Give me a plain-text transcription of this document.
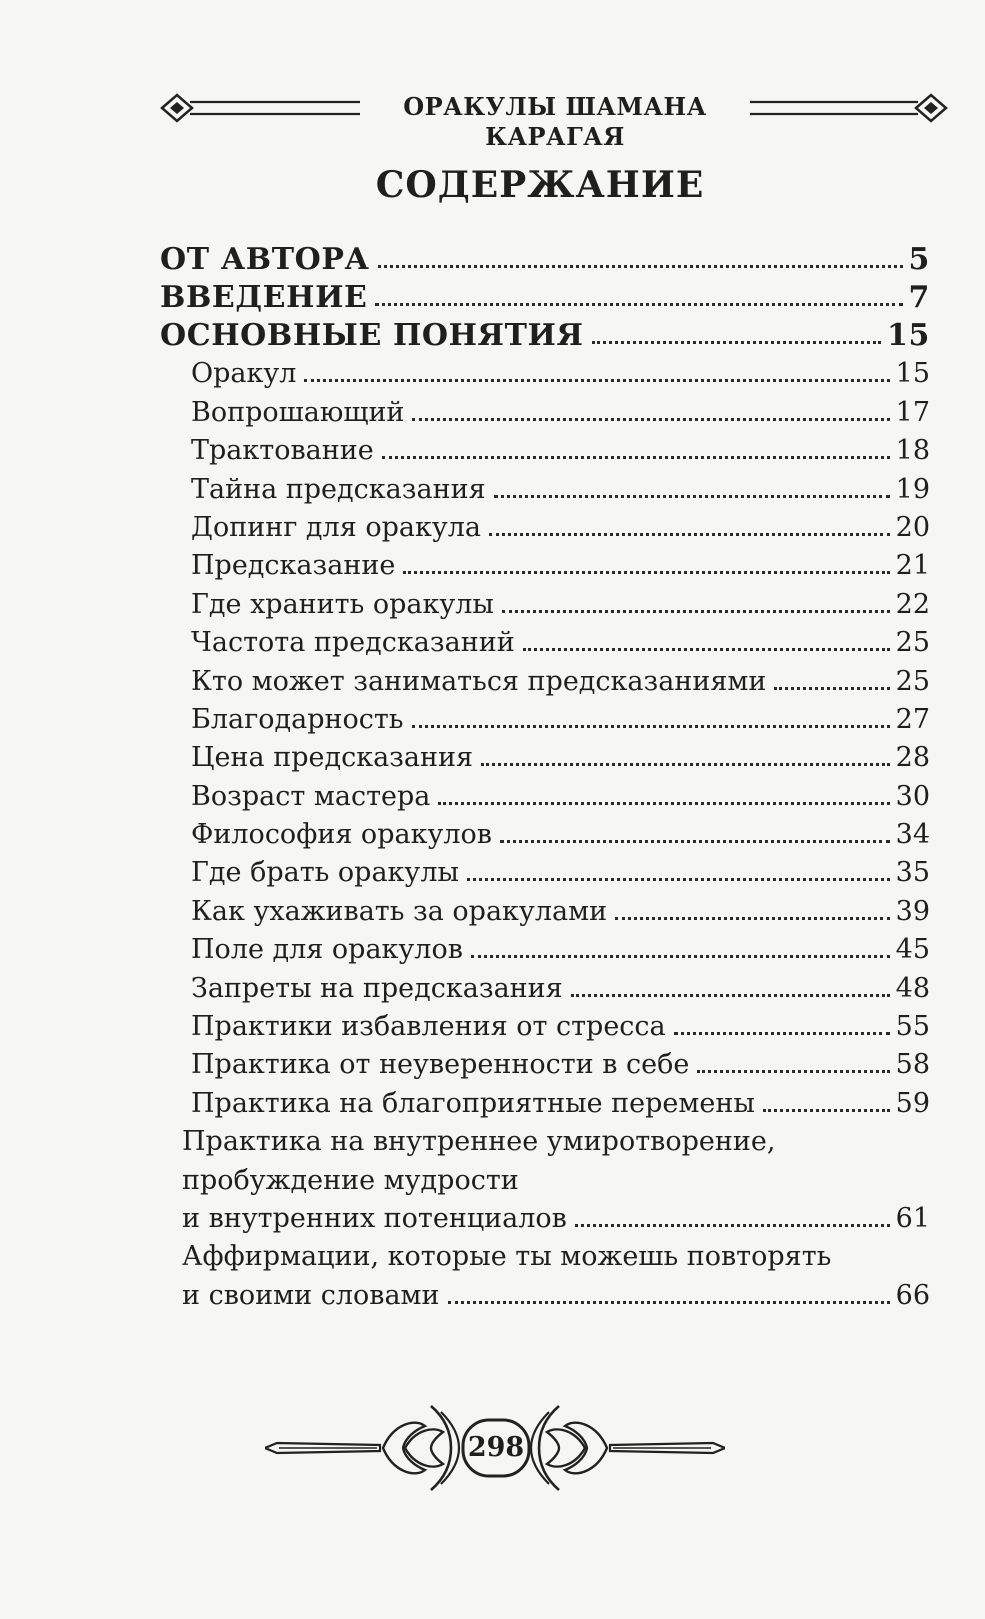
ОРАКУЛЫ ШАМАНА КАРАГАЯ
СОДЕРЖАНИЕ
ОТ АВТОРА	5
ВВЕДЕНИЕ	7
ОСНОВНЫЕ ПОНЯТИЯ	15
Оракул	15
Вопрошающий	17
Трактование	18
Тайна предсказания	19
Допинг для оракула	20
Предсказание	21
Где хранить оракулы	22
Частота предсказаний	25
Кто может заниматься предсказаниями	25
Благодарность	27
Цена предсказания	28
Возраст мастера	30
Философия оракулов	34
Где брать оракулы	35
Как ухаживать за оракулами	39
Поле для оракулов	45
Запреты на предсказания	48
Практики избавления от стресса	55
Практика от неуверенности в себе	58
Практика на благоприятные перемены	59
Практика на внутреннее умиротворение,
пробуждение мудрости
и внутренних потенциалов	61
Аффирмации, которые ты можешь повторять
и своими словами	66
298
